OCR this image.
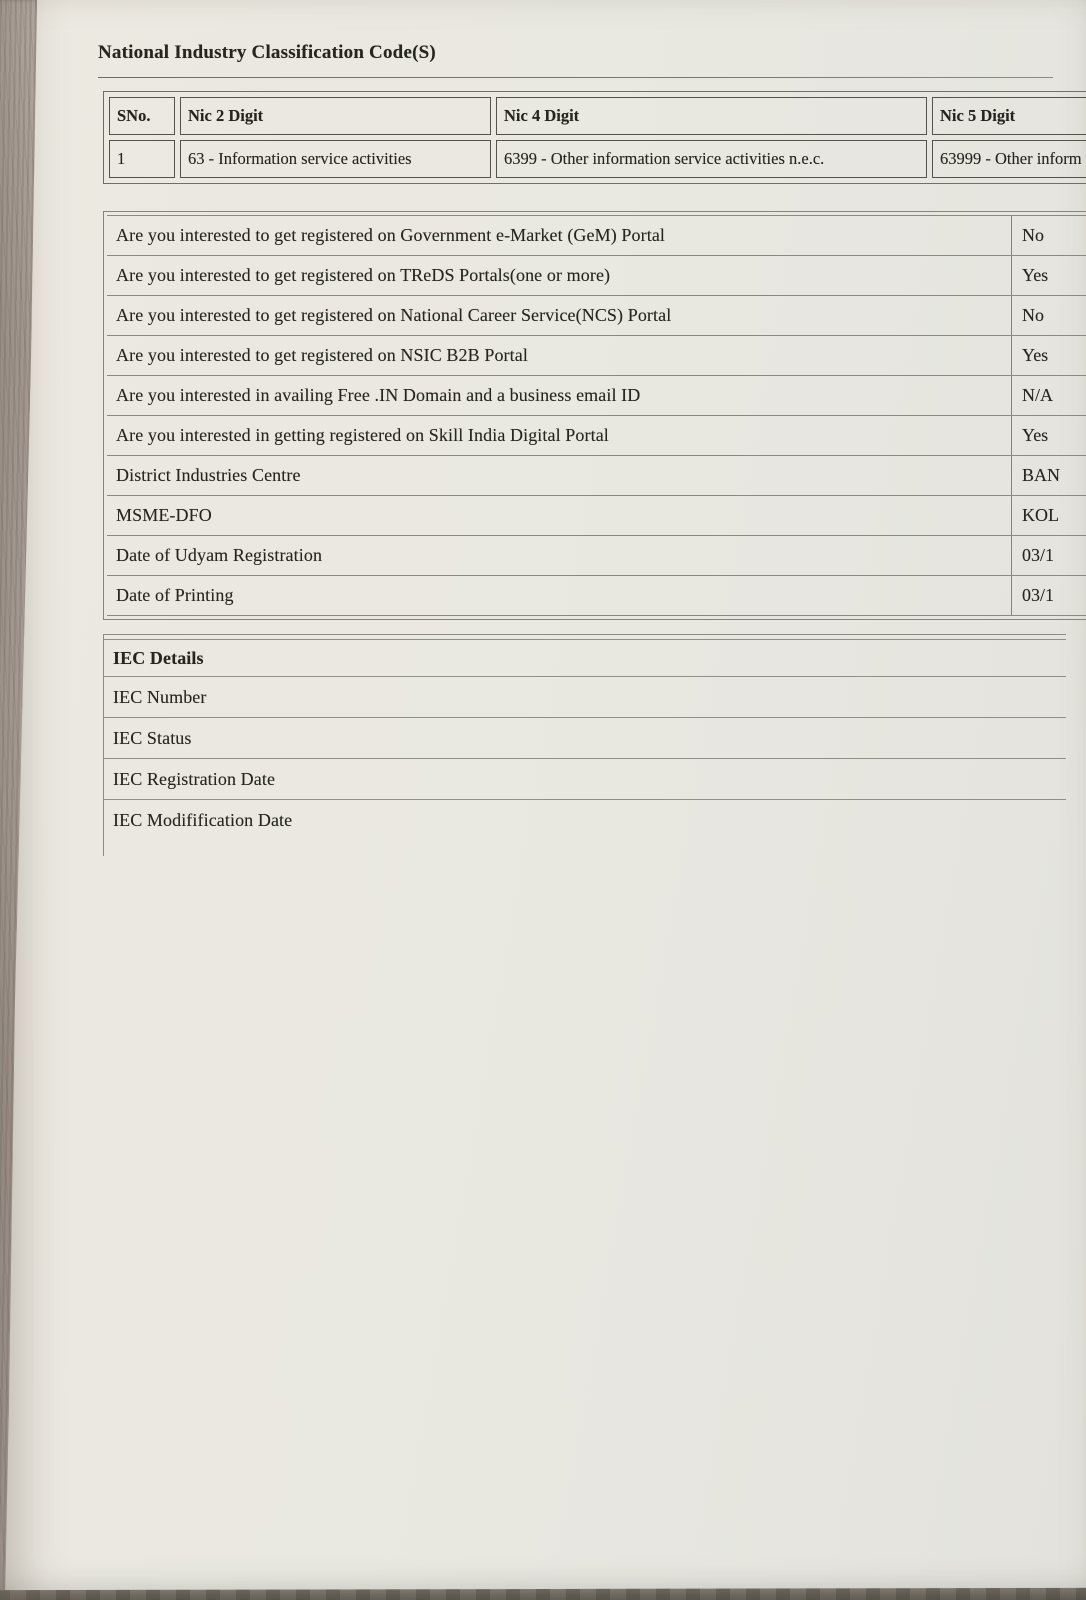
National Industry Classification Code(S)
SNo.	Nic 2 Digit	Nic 4 Digit	Nic 5 Digit
1	63 - Information service activities	6399 - Other information service activities n.e.c.	63999 - Other inform
Are you interested to get registered on Government e-Market (GeM) Portal	No
Are you interested to get registered on TReDS Portals(one or more)	Yes
Are you interested to get registered on National Career Service(NCS) Portal	No
Are you interested to get registered on NSIC B2B Portal	Yes
Are you interested in availing Free .IN Domain and a business email ID	N/A
Are you interested in getting registered on Skill India Digital Portal	Yes
District Industries Centre	BAN
MSME-DFO	KOL
Date of Udyam Registration	03/1
Date of Printing	03/1
IEC Details
IEC Number
IEC Status
IEC Registration Date
IEC Modifification Date
